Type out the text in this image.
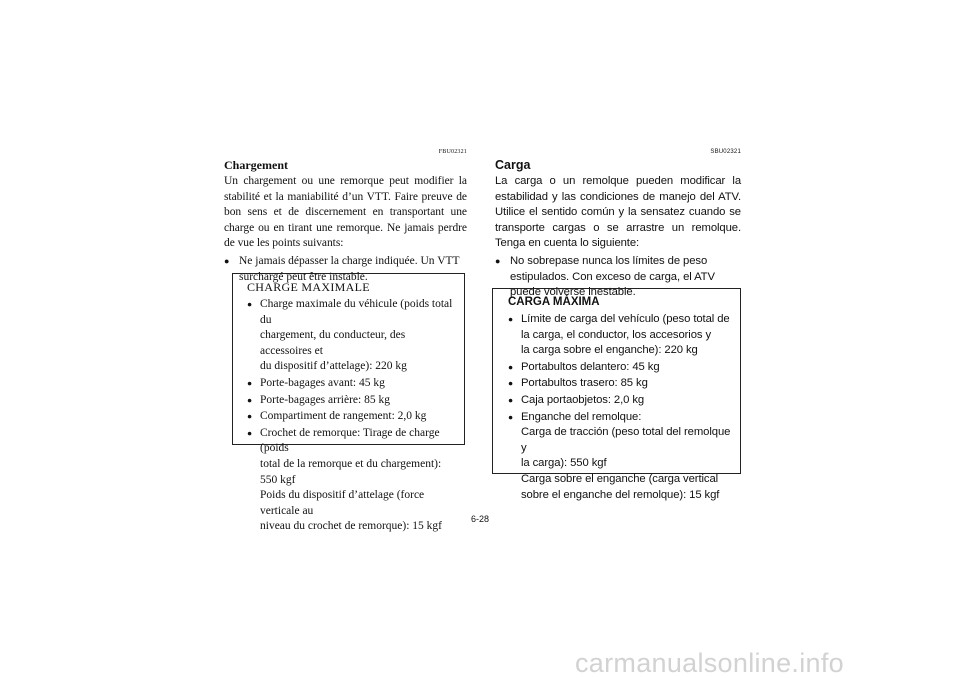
FBU02321
Chargement

Un chargement ou une remorque peut modifier la stabilité et la maniabilité d’un VTT. Faire preuve de bon sens et de discernement en transportant une charge ou en tirant une remorque. Ne jamais perdre de vue les points suivants:

● Ne jamais dépasser la charge indiquée. Un VTT surchargé peut être instable.
CHARGE MAXIMALE
● Charge maximale du véhicule (poids total du
chargement, du conducteur, des accessoires et
du dispositif d’attelage): 220 kg
● Porte-bagages avant: 45 kg
● Porte-bagages arrière: 85 kg
● Compartiment de rangement: 2,0 kg
● Crochet de remorque: Tirage de charge (poids
total de la remorque et du chargement): 550 kgf
Poids du dispositif d’attelage (force verticale au
niveau du crochet de remorque): 15 kgf
SBU02321
Carga

La carga o un remolque pueden modificar la estabilidad y las condiciones de manejo del ATV. Utilice el sentido común y la sensatez cuando se transporte cargas o se arrastre un remolque. Tenga en cuenta lo siguiente:

● No sobrepase nunca los límites de peso estipulados. Con exceso de carga, el ATV puede volverse inestable.
CARGA MÁXIMA
● Límite de carga del vehículo (peso total de
la carga, el conductor, los accesorios y
la carga sobre el enganche): 220 kg
● Portabultos delantero: 45 kg
● Portabultos trasero: 85 kg
● Caja portaobjetos: 2,0 kg
● Enganche del remolque:
Carga de tracción (peso total del remolque y
la carga): 550 kgf
Carga sobre el enganche (carga vertical
sobre el enganche del remolque): 15 kgf
6-28
carmanualsonline.info
